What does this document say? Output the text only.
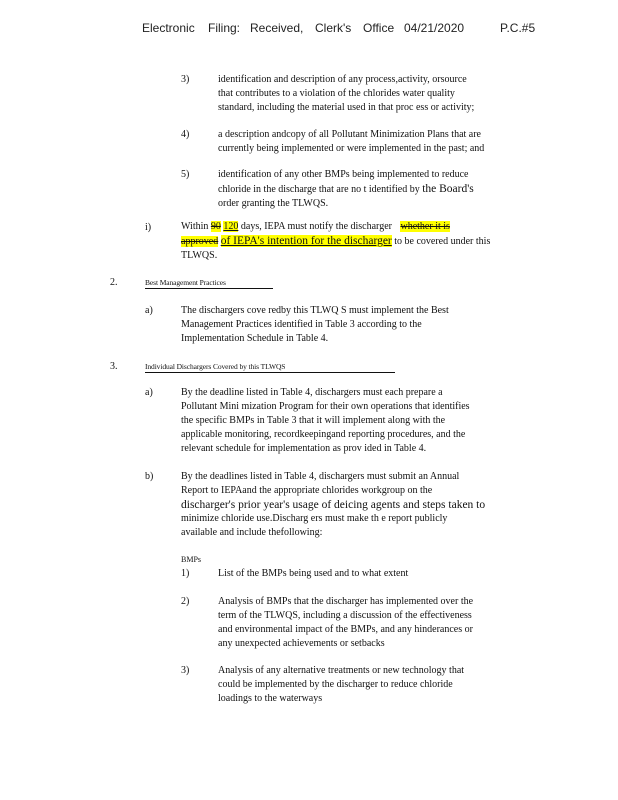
Electronic Filing: Received, Clerk's Office 04/21/2020	P.C.#5
3)	identification and description of any process,activity, orsource
that contributes to a violation of the chlorides water quality
standard, including the material used in that proc ess or activity;
4)	a description andcopy of all Pollutant Minimization Plans that are
currently being implemented or were implemented in the past; and
5)	identification of any other BMPs being implemented to reduce
chloride in the discharge that are no t identified by the Board's
order granting the TLWQS.
i)	Within 90 120 days, IEPA must notify the discharger whether it is
approved of IEPA's intention for the discharger to be covered under this
TLWQS.
2.	Best Management Practices
a)	The dischargers cove redby this TLWQ S must implement the Best
Management Practices identified in Table 3 according to the
Implementation Schedule in Table 4.
3.	Individual Dischargers Covered by this TLWQS
a)	By the deadline listed in Table 4, dischargers must each prepare a
Pollutant Mini mization Program for their own operations that identifies
the specific BMPs in Table 3 that it will implement along with the
applicable monitoring, recordkeepingand reporting procedures, and the
relevant schedule for implementation as prov ided in Table 4.
b)	By the deadlines listed in Table 4, dischargers must submit an Annual
Report to IEPAand the appropriate chlorides workgroup on the
discharger's prior year's usage of deicing agents and steps taken to
minimize chloride use.Discharg ers must make th e report publicly
available and include thefollowing:
BMPs
1)	List of the BMPs being used and to what extent
2)	Analysis of BMPs that the discharger has implemented over the
term of the TLWQS, including a discussion of the effectiveness
and environmental impact of the BMPs, and any hinderances or
any unexpected achievements or setbacks
3)	Analysis of any alternative treatments or new technology that
could be implemented by the discharger to reduce chloride
loadings to the waterways
